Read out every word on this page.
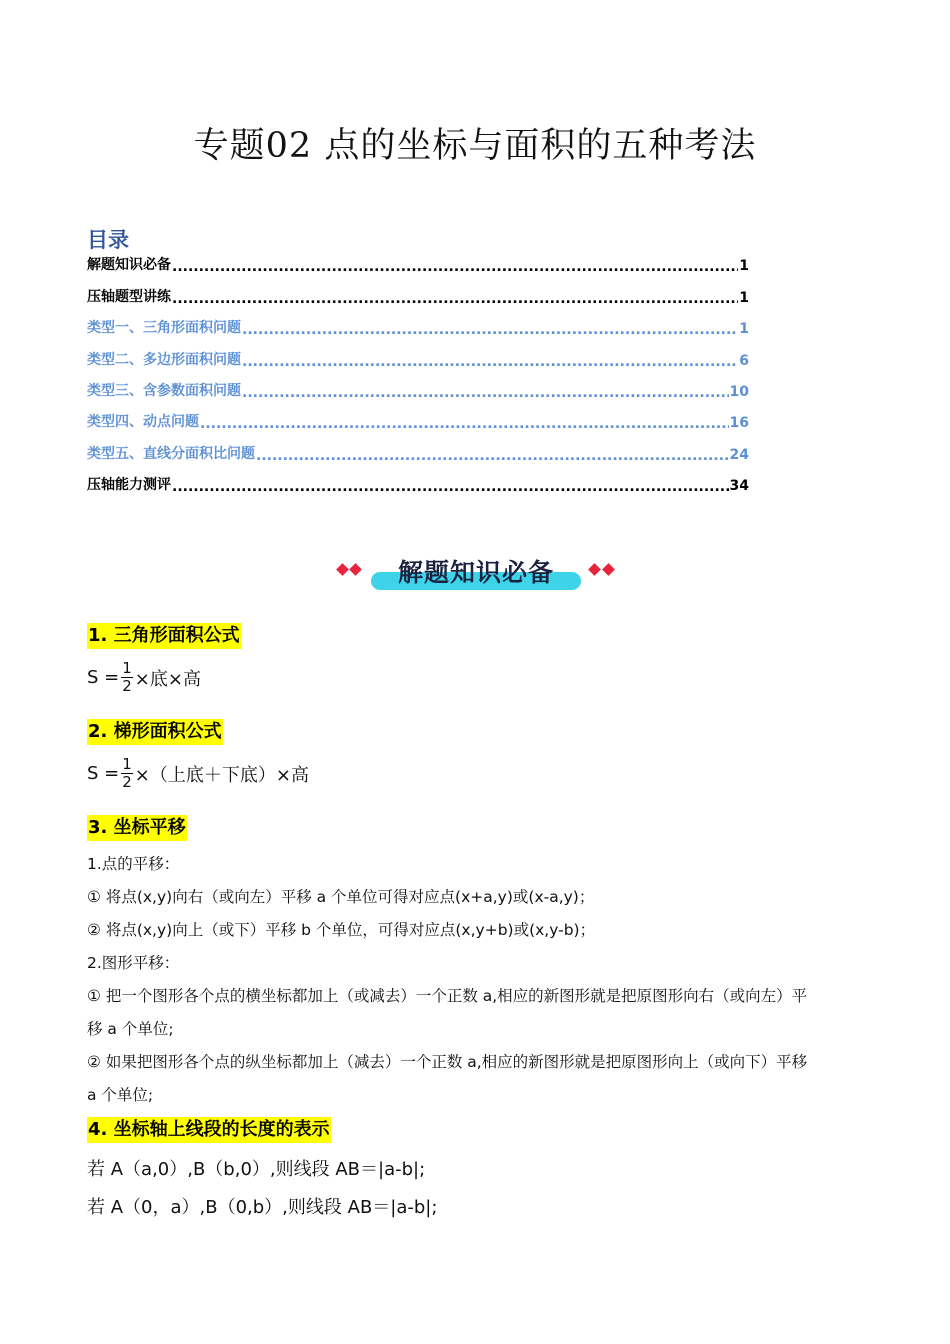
专题02 点的坐标与面积的五种考法
目录
解题知识必备 .....	1
压轴题型讲练 .....	1
类型一、三角形面积问题 .....	1
类型二、多边形面积问题 .....	6
类型三、含参数面积问题 .....	10
类型四、动点问题 .....	16
类型五、直线分面积比问题 .....	24
压轴能力测评 .....	34
解题知识必备
1. 三角形面积公式
$S = \frac{1}{2}$ ×底×高
2. 梯形面积公式
$S = \frac{1}{2}$ ×（上底＋下底）×高
3. 坐标平移
1.点的平移：
① 将点(x,y)向右（或向左）平移 a 个单位可得对应点(x+a,y)或(x-a,y)；
② 将点(x,y)向上（或下）平移 b 个单位，可得对应点(x,y+b)或(x,y-b)；
2.图形平移：
① 把一个图形各个点的横坐标都加上（或减去）一个正数 a,相应的新图形就是把原图形向右（或向左）平
移 a 个单位;
② 如果把图形各个点的纵坐标都加上（减去）一个正数 a,相应的新图形就是把原图形向上（或向下）平移
a 个单位;
4. 坐标轴上线段的长度的表示
若 A（a,0）,B（b,0）,则线段 AB＝|a-b|;
若 A（0，a）,B（0,b）,则线段 AB＝|a-b|;
